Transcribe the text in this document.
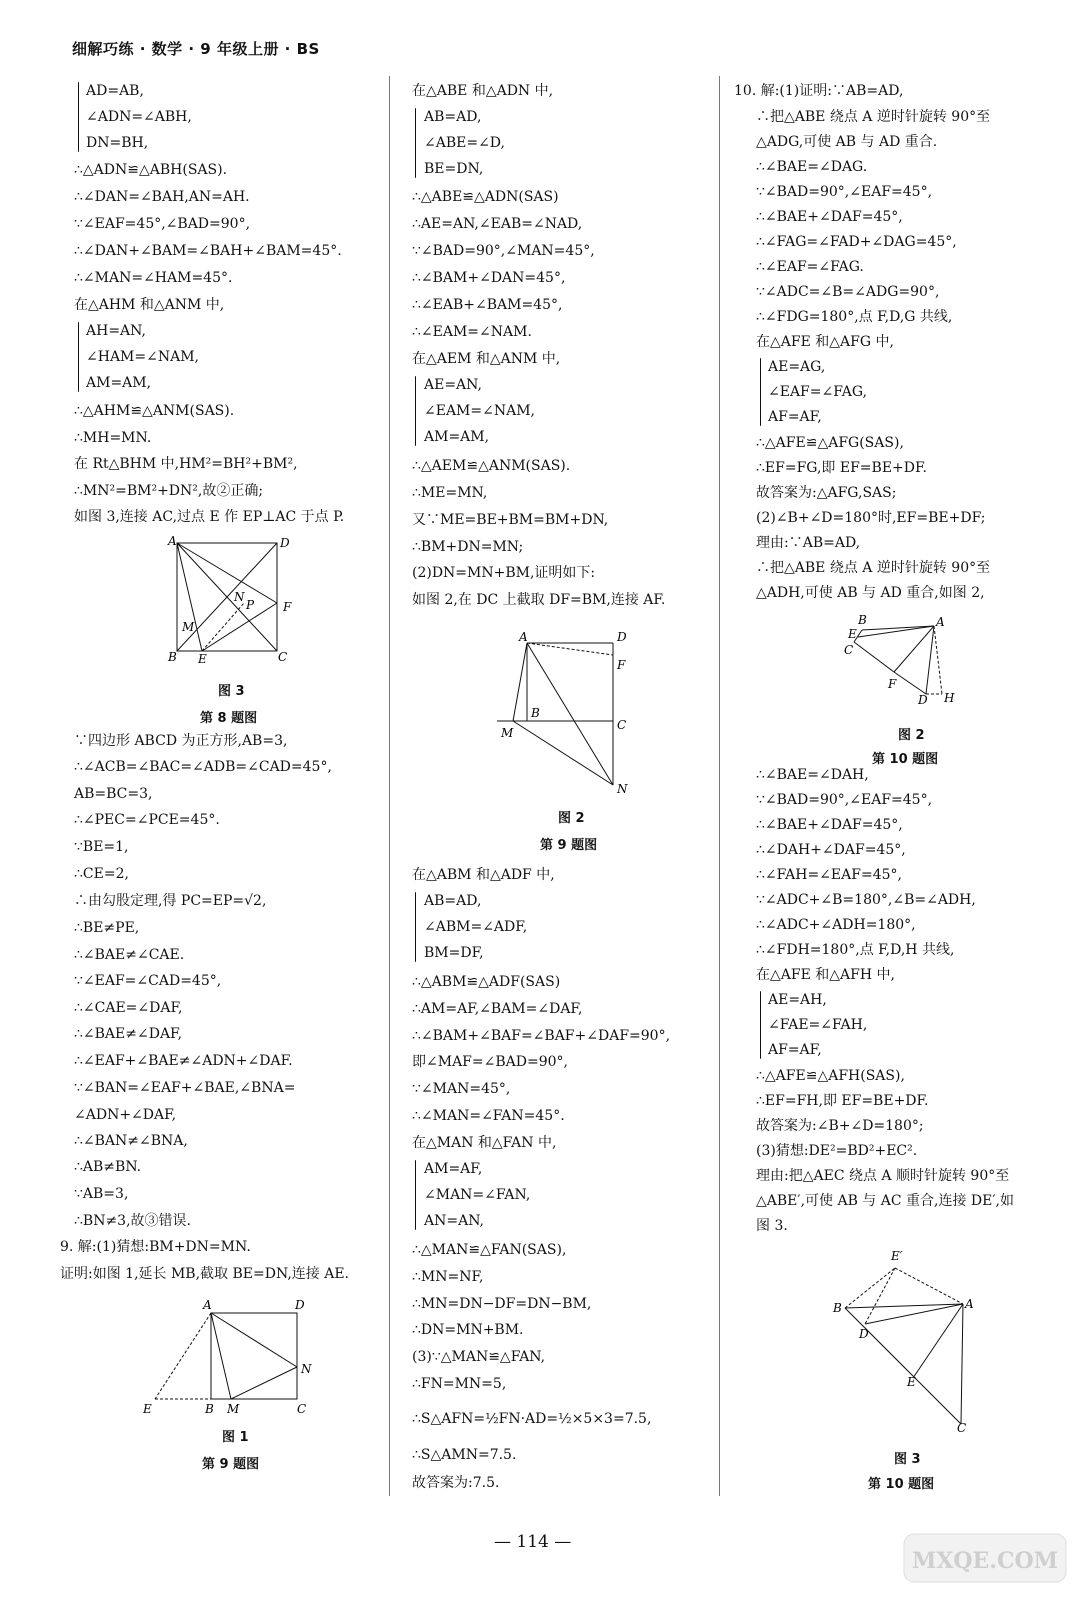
细解巧练 · 数学 · 9 年级上册 · BS
AD=AB,
∠ADN=∠ABH,
DN=BH,
∴△ADN≌△ABH(SAS).
∴∠DAN=∠BAH,AN=AH.
∵∠EAF=45°,∠BAD=90°,
∴∠DAN+∠BAM=∠BAH+∠BAM=45°.
∴∠MAN=∠HAM=45°.
在△AHM 和△ANM 中,
AH=AN,
∠HAM=∠NAM,
AM=AM,
∴△AHM≌△ANM(SAS).
∴MH=MN.
在 Rt△BHM 中,HM²=BH²+BM²,
∴MN²=BM²+DN²,故②正确;
如图 3,连接 AC,过点 E 作 EP⊥AC 于点 P.
∵四边形 ABCD 为正方形,AB=3,
∴∠ACB=∠BAC=∠ADB=∠CAD=45°,
AB=BC=3,
∴∠PEC=∠PCE=45°.
∵BE=1,
∴CE=2,
∴由勾股定理,得 PC=EP=√2,
∴BE≠PE,
∴∠BAE≠∠CAE.
∵∠EAF=∠CAD=45°,
∴∠CAE=∠DAF,
∴∠BAE≠∠DAF,
∴∠EAF+∠BAE≠∠ADN+∠DAF.
∵∠BAN=∠EAF+∠BAE,∠BNA=
∠ADN+∠DAF,
∴∠BAN≠∠BNA,
∴AB≠BN.
∵AB=3,
∴BN≠3,故③错误.
9. 解:(1)猜想:BM+DN=MN.
证明:如图 1,延长 MB,截取 BE=DN,连接 AE.
图 3
第 8 题图
图 1
第 9 题图
在△ABE 和△ADN 中,
AB=AD,
∠ABE=∠D,
BE=DN,
∴△ABE≌△ADN(SAS)
∴AE=AN,∠EAB=∠NAD,
∵∠BAD=90°,∠MAN=45°,
∴∠BAM+∠DAN=45°,
∴∠EAB+∠BAM=45°,
∴∠EAM=∠NAM.
在△AEM 和△ANM 中,
AE=AN,
∠EAM=∠NAM,
AM=AM,
∴△AEM≌△ANM(SAS).
∴ME=MN,
又∵ME=BE+BM=BM+DN,
∴BM+DN=MN;
(2)DN=MN+BM,证明如下:
如图 2,在 DC 上截取 DF=BM,连接 AF.
在△ABM 和△ADF 中,
AB=AD,
∠ABM=∠ADF,
BM=DF,
∴△ABM≌△ADF(SAS)
∴AM=AF,∠BAM=∠DAF,
∴∠BAM+∠BAF=∠BAF+∠DAF=90°,
即∠MAF=∠BAD=90°,
∵∠MAN=45°,
∴∠MAN=∠FAN=45°.
在△MAN 和△FAN 中,
AM=AF,
∠MAN=∠FAN,
AN=AN,
∴△MAN≌△FAN(SAS),
∴MN=NF,
∴MN=DN−DF=DN−BM,
∴DN=MN+BM.
(3)∵△MAN≌△FAN,
∴FN=MN=5,
∴S△AFN=½FN·AD=½×5×3=7.5,
∴S△AMN=7.5.
故答案为:7.5.
图 2
第 9 题图
10. 解:(1)证明:∵AB=AD,
∴把△ABE 绕点 A 逆时针旋转 90°至
△ADG,可使 AB 与 AD 重合.
∴∠BAE=∠DAG.
∵∠BAD=90°,∠EAF=45°,
∴∠BAE+∠DAF=45°,
∴∠FAG=∠FAD+∠DAG=45°,
∴∠EAF=∠FAG.
∵∠ADC=∠B=∠ADG=90°,
∴∠FDG=180°,点 F,D,G 共线,
在△AFE 和△AFG 中,
AE=AG,
∠EAF=∠FAG,
AF=AF,
∴△AFE≌△AFG(SAS),
∴EF=FG,即 EF=BE+DF.
故答案为:△AFG,SAS;
(2)∠B+∠D=180°时,EF=BE+DF;
理由:∵AB=AD,
∴把△ABE 绕点 A 逆时针旋转 90°至
△ADH,可使 AB 与 AD 重合,如图 2,
∴∠BAE=∠DAH,
∵∠BAD=90°,∠EAF=45°,
∴∠BAE+∠DAF=45°,
∴∠DAH+∠DAF=45°,
∴∠FAH=∠EAF=45°,
∵∠ADC+∠B=180°,∠B=∠ADH,
∴∠ADC+∠ADH=180°,
∴∠FDH=180°,点 F,D,H 共线,
在△AFE 和△AFH 中,
AE=AH,
∠FAE=∠FAH,
AF=AF,
∴△AFE≌△AFH(SAS),
∴EF=FH,即 EF=BE+DF.
故答案为:∠B+∠D=180°;
(3)猜想:DE²=BD²+EC².
理由:把△AEC 绕点 A 顺时针旋转 90°至
△ABE′,可使 AB 与 AC 重合,连接 DE′,如
图 3.
图 2
第 10 题图
图 3
第 10 题图
A	D
B E	C
F
M
N
P
A	D
E	B M	C
N
A	D
F
B
C
M
N
B	A
E
C
F
D H
E′
B	A
D
E
C
— 114 —
MXQE.COM
